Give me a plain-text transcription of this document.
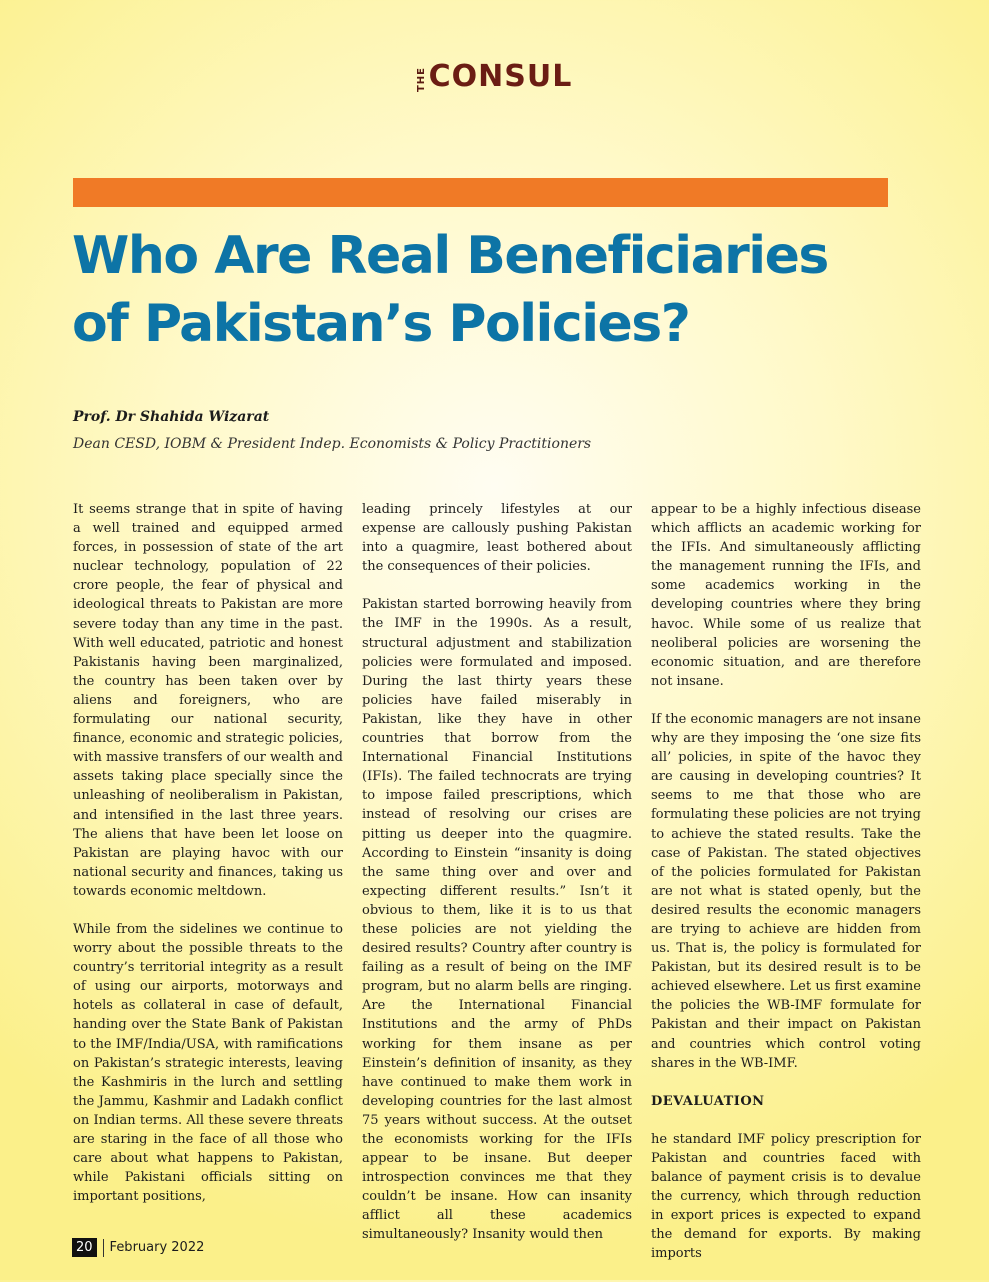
THE CONSUL
Who Are Real Beneficiaries
of Pakistan’s Policies?
Prof. Dr Shahida Wizarat
Dean CESD, IOBM & President Indep. Economists & Policy Practitioners

It seems strange that in spite of having a well trained and equipped armed forces, in possession of state of the art nuclear technology, population of 22 crore people, the fear of physical and ideological threats to Pakistan are more severe today than any time in the past. With well educated, patriotic and honest Pakistanis having been marginalized, the country has been taken over by aliens and foreigners, who are formulating our national security, finance, economic and strategic policies, with massive transfers of our wealth and assets taking place specially since the unleashing of neoliberalism in Pakistan, and intensified in the last three years. The aliens that have been let loose on Pakistan are playing havoc with our national security and finances, taking us towards economic meltdown.

While from the sidelines we continue to worry about the possible threats to the country’s territorial integrity as a result of using our airports, motorways and hotels as collateral in case of default, handing over the State Bank of Pakistan to the IMF/India/USA, with ramifications on Pakistan’s strategic interests, leaving the Kashmiris in the lurch and settling the Jammu, Kashmir and Ladakh conflict on Indian terms. All these severe threats are staring in the face of all those who care about what happens to Pakistan, while Pakistani officials sitting on important positions,

leading princely lifestyles at our expense are callously pushing Pakistan into a quagmire, least bothered about the consequences of their policies.

Pakistan started borrowing heavily from the IMF in the 1990s. As a result, structural adjustment and stabilization policies were formulated and imposed. During the last thirty years these policies have failed miserably in Pakistan, like they have in other countries that borrow from the International Financial Institutions (IFIs). The failed technocrats are trying to impose failed prescriptions, which instead of resolving our crises are pitting us deeper into the quagmire. According to Einstein “insanity is doing the same thing over and over and expecting different results.” Isn’t it obvious to them, like it is to us that these policies are not yielding the desired results? Country after country is failing as a result of being on the IMF program, but no alarm bells are ringing. Are the International Financial Institutions and the army of PhDs working for them insane as per Einstein’s definition of insanity, as they have continued to make them work in developing countries for the last almost 75 years without success. At the outset the economists working for the IFIs appear to be insane. But deeper introspection convinces me that they couldn’t be insane. How can insanity afflict all these academics simultaneously? Insanity would then

appear to be a highly infectious disease which afflicts an academic working for the IFIs. And simultaneously afflicting the management running the IFIs, and some academics working in the developing countries where they bring havoc. While some of us realize that neoliberal policies are worsening the economic situation, and are therefore not insane.

If the economic managers are not insane why are they imposing the ‘one size fits all’ policies, in spite of the havoc they are causing in developing countries? It seems to me that those who are formulating these policies are not trying to achieve the stated results. Take the case of Pakistan. The stated objectives of the policies formulated for Pakistan are not what is stated openly, but the desired results the economic managers are trying to achieve are hidden from us. That is, the policy is formulated for Pakistan, but its desired result is to be achieved elsewhere. Let us first examine the policies the WB-IMF formulate for Pakistan and their impact on Pakistan and countries which control voting shares in the WB-IMF.

DEVALUATION

he standard IMF policy prescription for Pakistan and countries faced with balance of payment crisis is to devalue the currency, which through reduction in export prices is expected to expand the demand for exports. By making imports

20	February 2022
